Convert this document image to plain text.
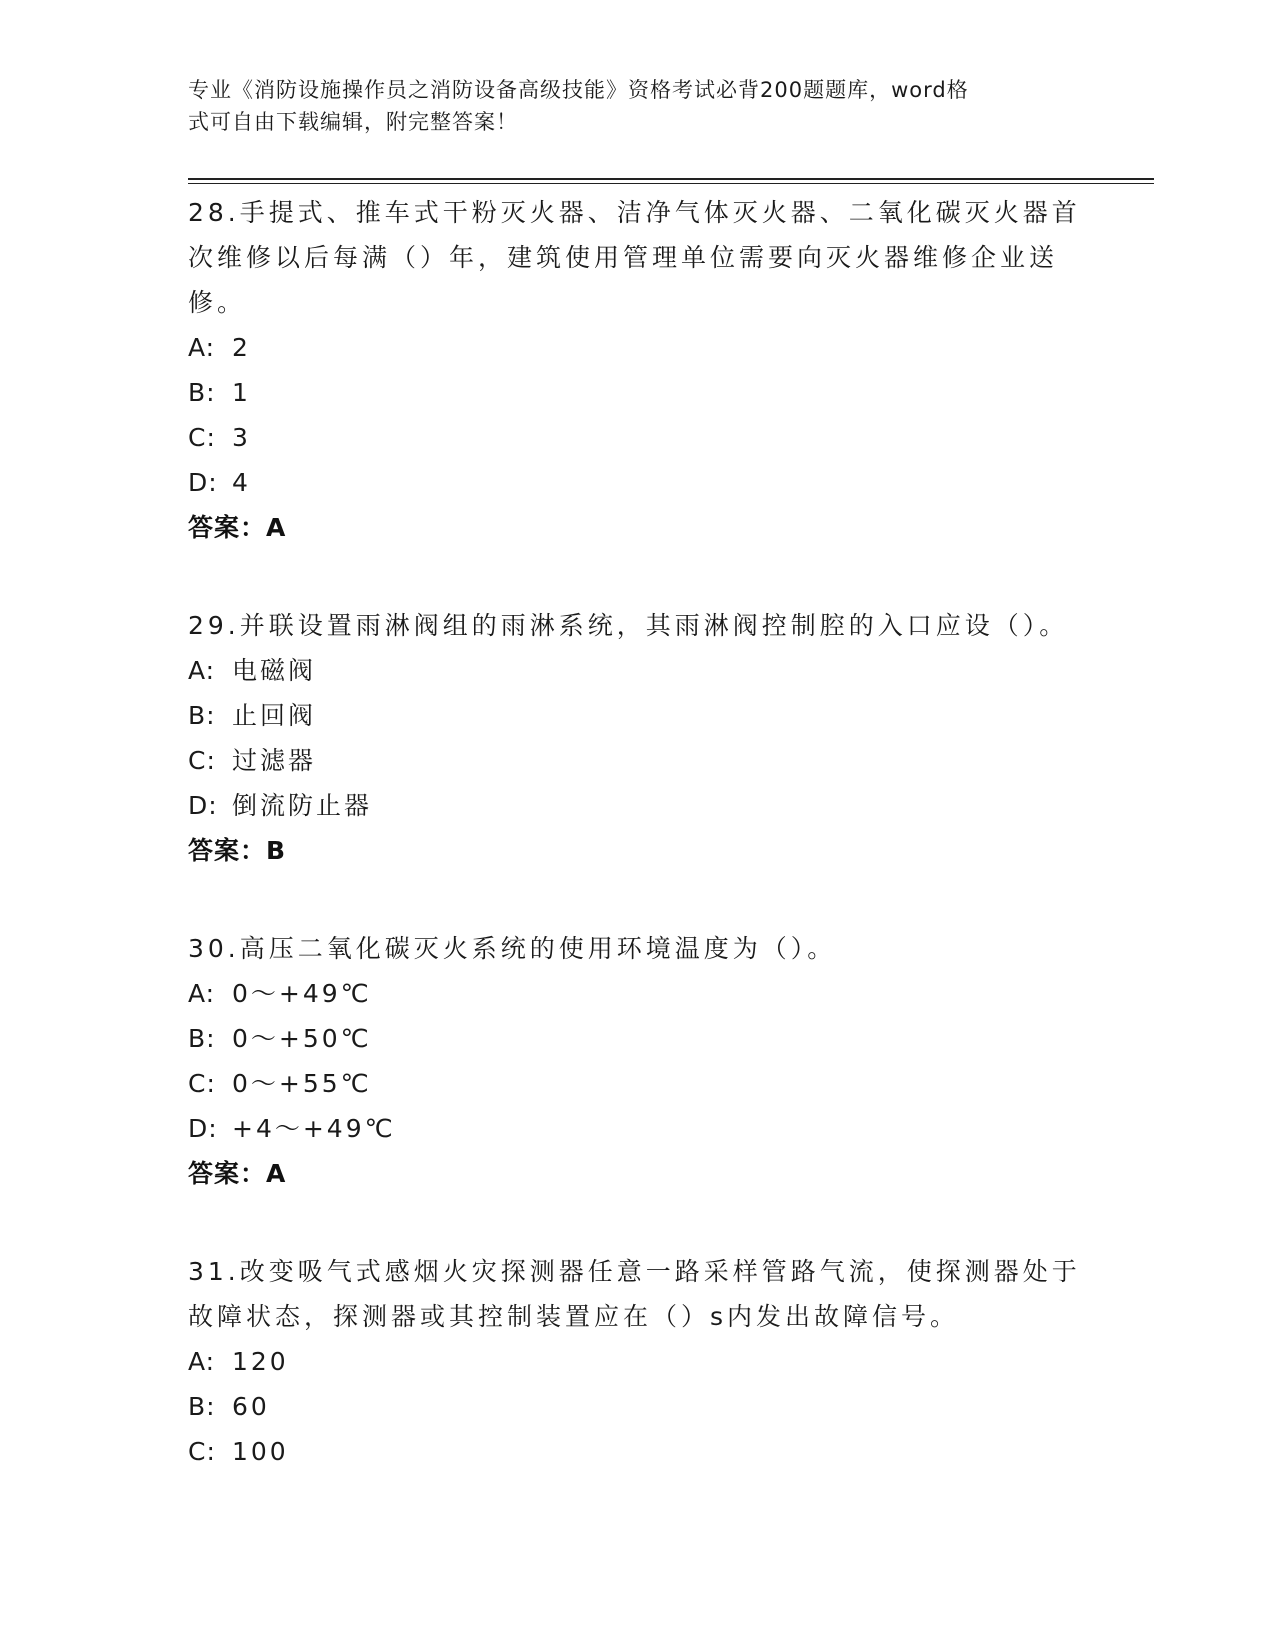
专业《消防设施操作员之消防设备高级技能》资格考试必背200题题库，word格
式可自由下载编辑，附完整答案！

28.手提式、推车式干粉灭火器、洁净气体灭火器、二氧化碳灭火器首次维修以后每满（）年，建筑使用管理单位需要向灭火器维修企业送修。

A: 2

B: 1

C: 3

D: 4

答案：A

29.并联设置雨淋阀组的雨淋系统，其雨淋阀控制腔的入口应设（）。

A: 电磁阀

B: 止回阀

C: 过滤器

D: 倒流防止器

答案：B

30.高压二氧化碳灭火系统的使用环境温度为（）。

A: 0～+49℃

B: 0～+50℃

C: 0～+55℃

D: +4～+49℃

答案：A

31.改变吸气式感烟火灾探测器任意一路采样管路气流，使探测器处于故障状态，探测器或其控制装置应在（）s内发出故障信号。

A: 120

B: 60

C: 100
